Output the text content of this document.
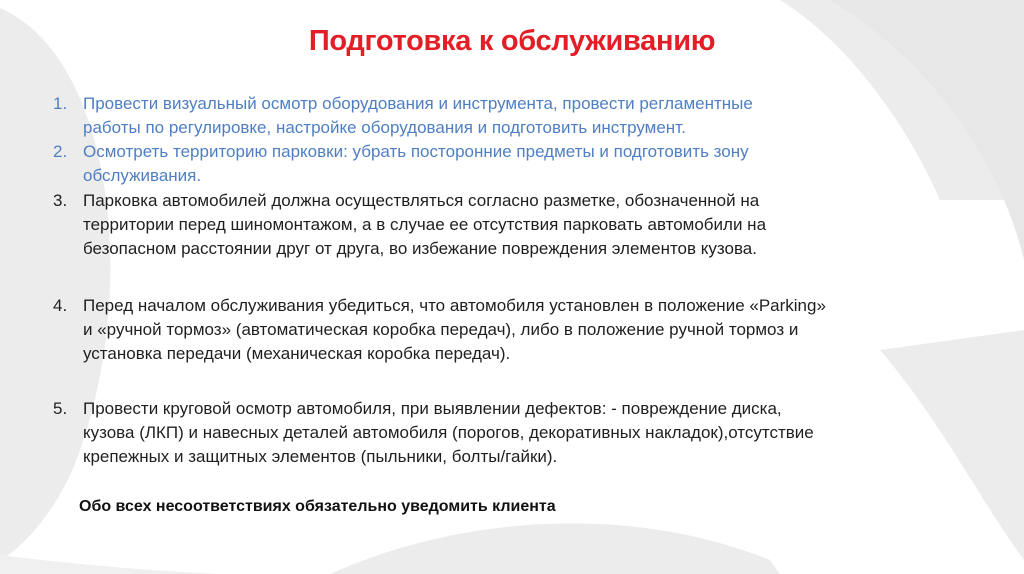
Подготовка к обслуживанию
1. Провести визуальный осмотр оборудования и инструмента, провести регламентные
работы по регулировке, настройке оборудования и подготовить инструмент.
2. Осмотреть территорию парковки: убрать посторонние предметы и подготовить зону
обслуживания.
3. Парковка автомобилей должна осуществляться согласно разметке, обозначенной на
территории перед шиномонтажом, а в случае ее отсутствия парковать автомобили на
безопасном расстоянии друг от друга, во избежание повреждения элементов кузова.
4. Перед началом обслуживания убедиться, что автомобиля установлен в положение «Parking»
и «ручной тормоз» (автоматическая коробка передач), либо в положение ручной тормоз и
установка передачи (механическая коробка передач).
5. Провести круговой осмотр автомобиля, при выявлении дефектов: - повреждение диска,
кузова (ЛКП) и навесных деталей автомобиля (порогов, декоративных накладок),отсутствие
крепежных и защитных элементов (пыльники, болты/гайки).
Обо всех несоответствиях обязательно уведомить клиента
